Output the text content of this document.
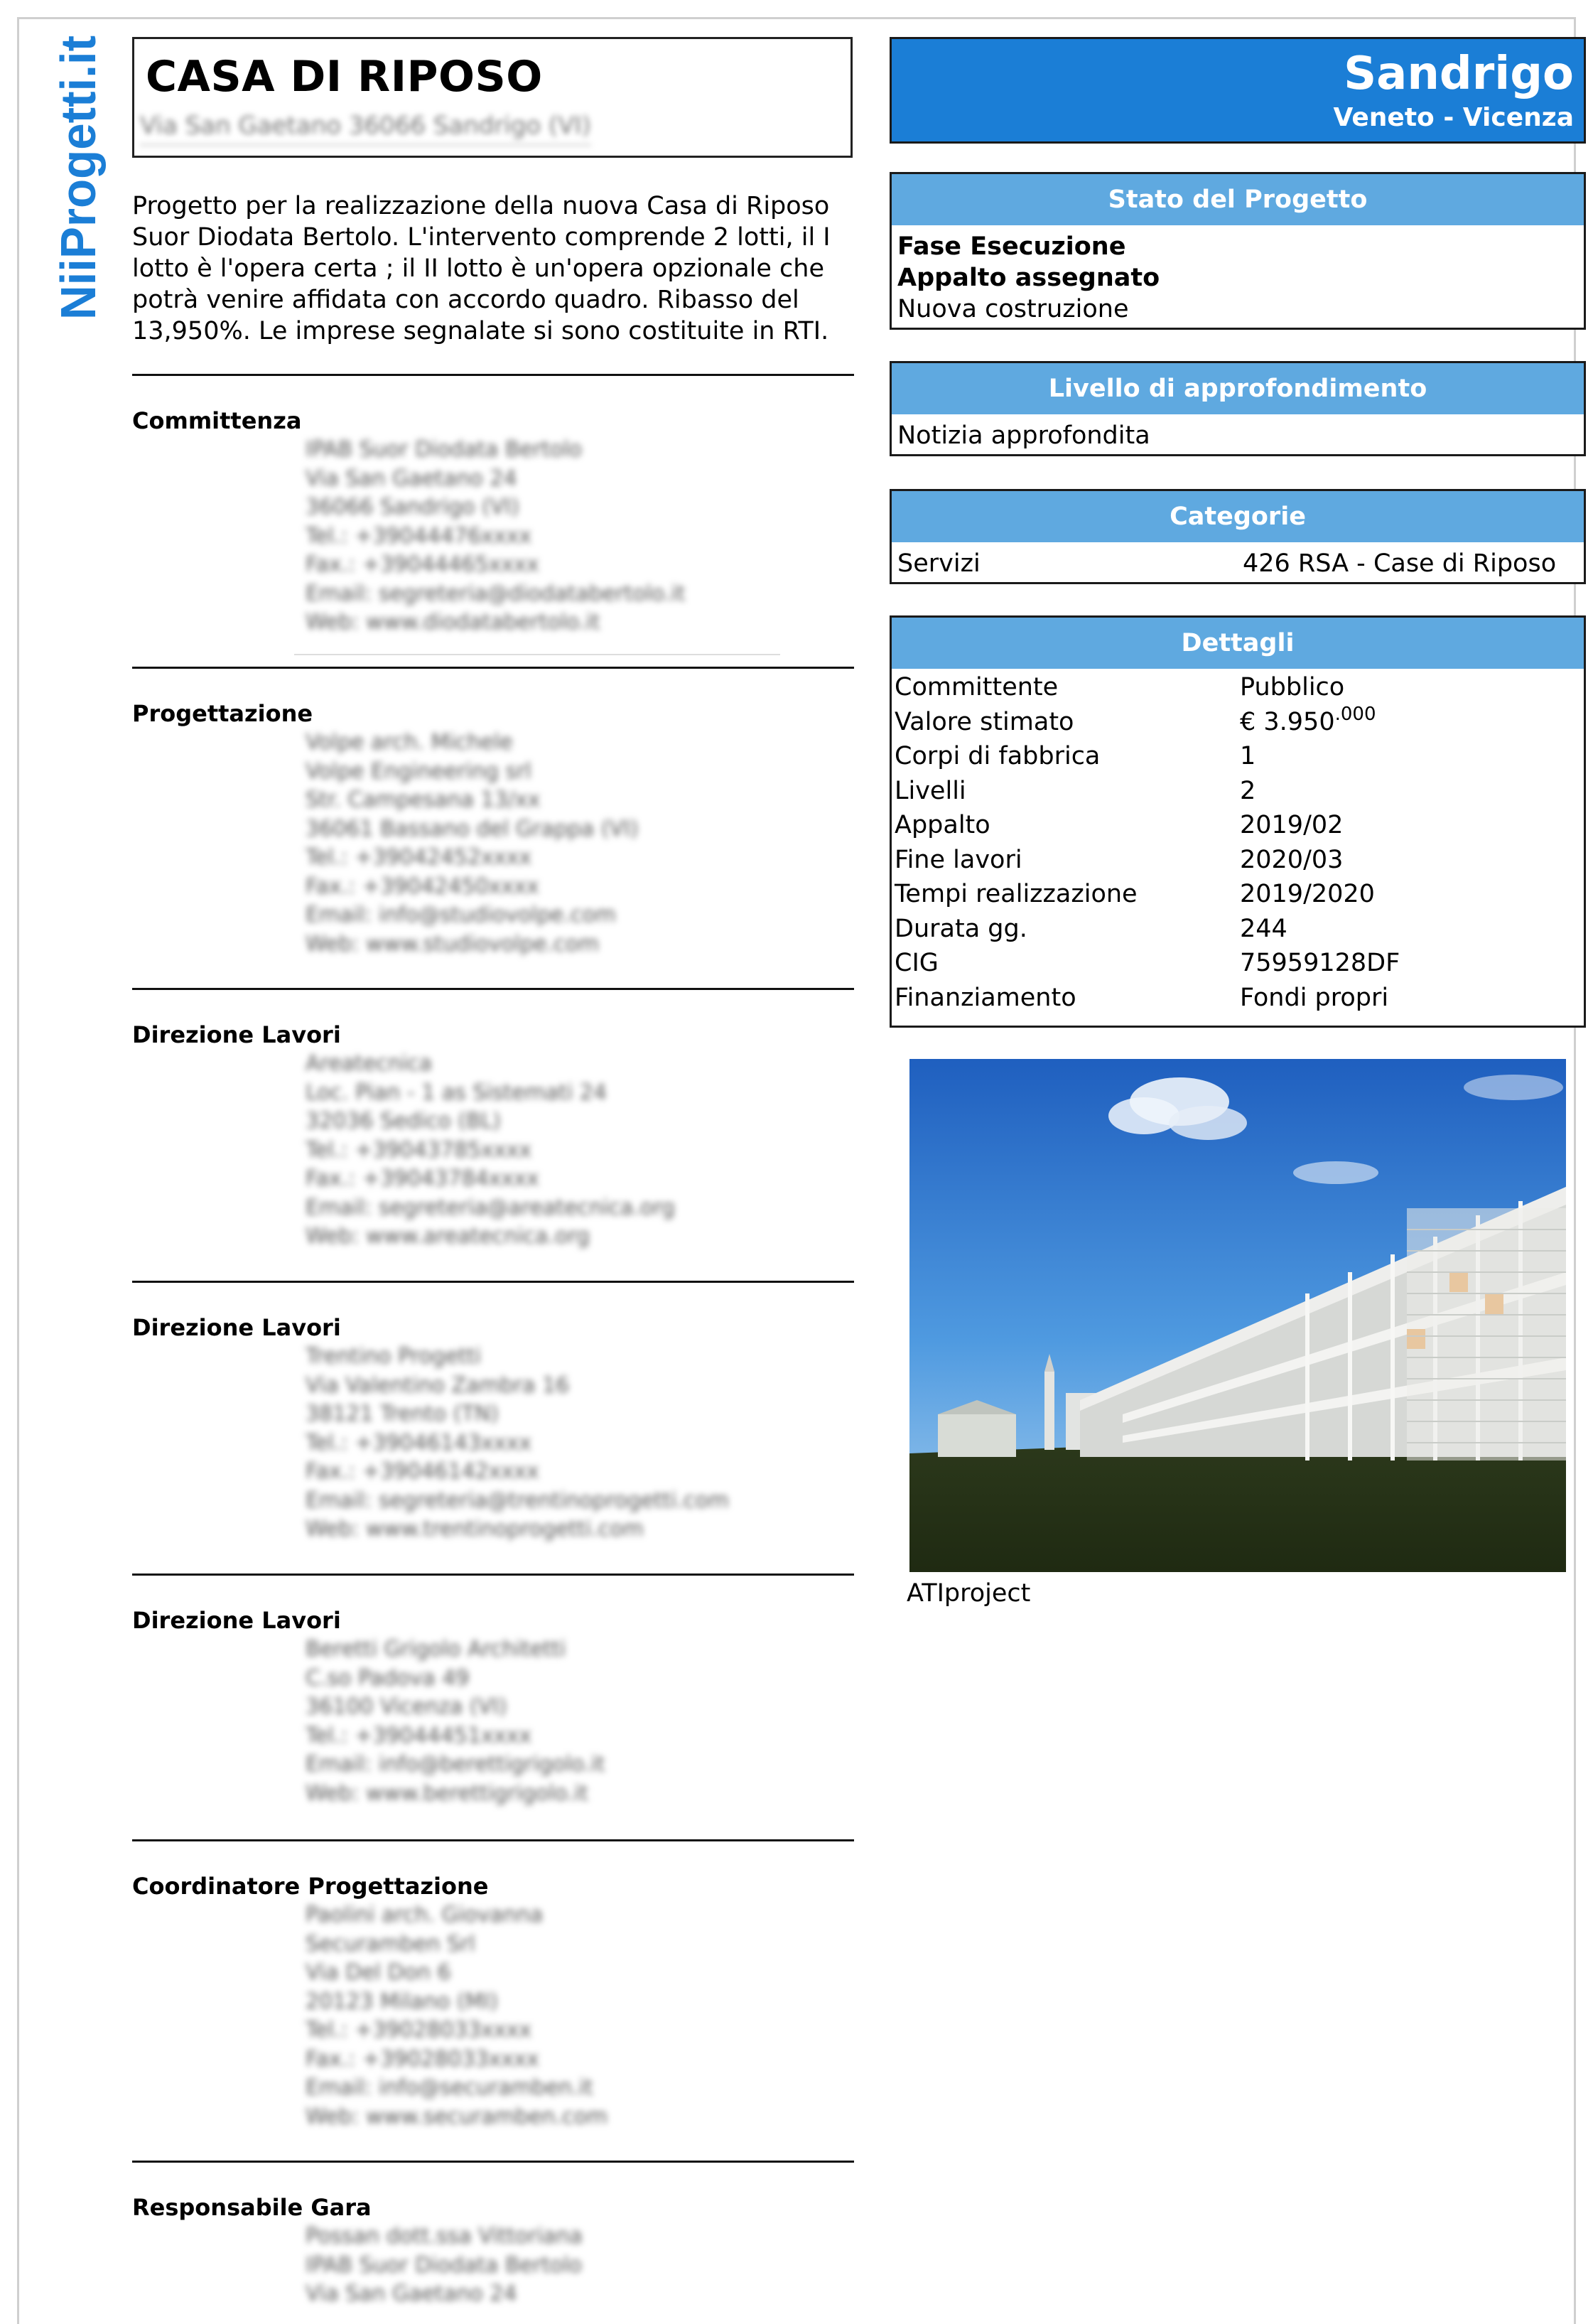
NiiProgetti.it CASA DI RIPOSO
Via San Gaetano 36066 Sandrigo (VI)
Progetto per la realizzazione della nuova Casa di Riposo Suor Diodata Bertolo. L'intervento comprende 2 lotti, il I lotto è l'opera certa ; il II lotto è un'opera opzionale che potrà venire affidata con accordo quadro. Ribasso del 13,950%. Le imprese segnalate si sono costituite in RTI.
Committenza
IPAB Suor Diodata Bertolo
Via San Gaetano 24
36066 Sandrigo (VI)
Tel.: +39044476xxxx
Fax.: +39044465xxxx
Email: segreteria@diodatabertolo.it
Web: www.diodatabertolo.it
Progettazione
Volpe arch. Michele
Volpe Engineering srl
Str. Campesana 13/xx
36061 Bassano del Grappa (VI)
Tel.: +39042452xxxx
Fax.: +39042450xxxx
Email: info@studiovolpe.com
Web: www.studiovolpe.com
Direzione Lavori
Areatecnica
Loc. Pian - 1 as Sistemati 24
32036 Sedico (BL)
Tel.: +39043785xxxx
Fax.: +39043784xxxx
Email: segreteria@areatecnica.org
Web: www.areatecnica.org
Direzione Lavori
Trentino Progetti
Via Valentino Zambra 16
38121 Trento (TN)
Tel.: +39046143xxxx
Fax.: +39046142xxxx
Email: segreteria@trentinoprogetti.com
Web: www.trentinoprogetti.com
Direzione Lavori
Beretti Grigolo Architetti
C.so Padova 49
36100 Vicenza (VI)
Tel.: +39044451xxxx
Email: info@berettigrigolo.it
Web: www.berettigrigolo.it
Coordinatore Progettazione
Paolini arch. Giovanna
Securamben Srl
Via Del Don 6
20123 Milano (MI)
Tel.: +39028033xxxx
Fax.: +39028033xxxx
Email: info@securamben.it
Web: www.securamben.com
Responsabile Gara
Possan dott.ssa Vittoriana
IPAB Suor Diodata Bertolo
Via San Gaetano 24
Sandrigo
Veneto - Vicenza
Stato del Progetto
Fase Esecuzione
Appalto assegnato
Nuova costruzione
Livello di approfondimento
Notizia approfondita
Categorie
Servizi	426 RSA - Case di Riposo
Dettagli
Committente	Pubblico
Valore stimato	€ $3.950^{.000}$
Corpi di fabbrica	1
Livelli	2
Appalto	2019/02
Fine lavori	2020/03
Tempi realizzazione	2019/2020
Durata gg.	244
CIG	75959128DF
Finanziamento	Fondi propri
ATIproject
